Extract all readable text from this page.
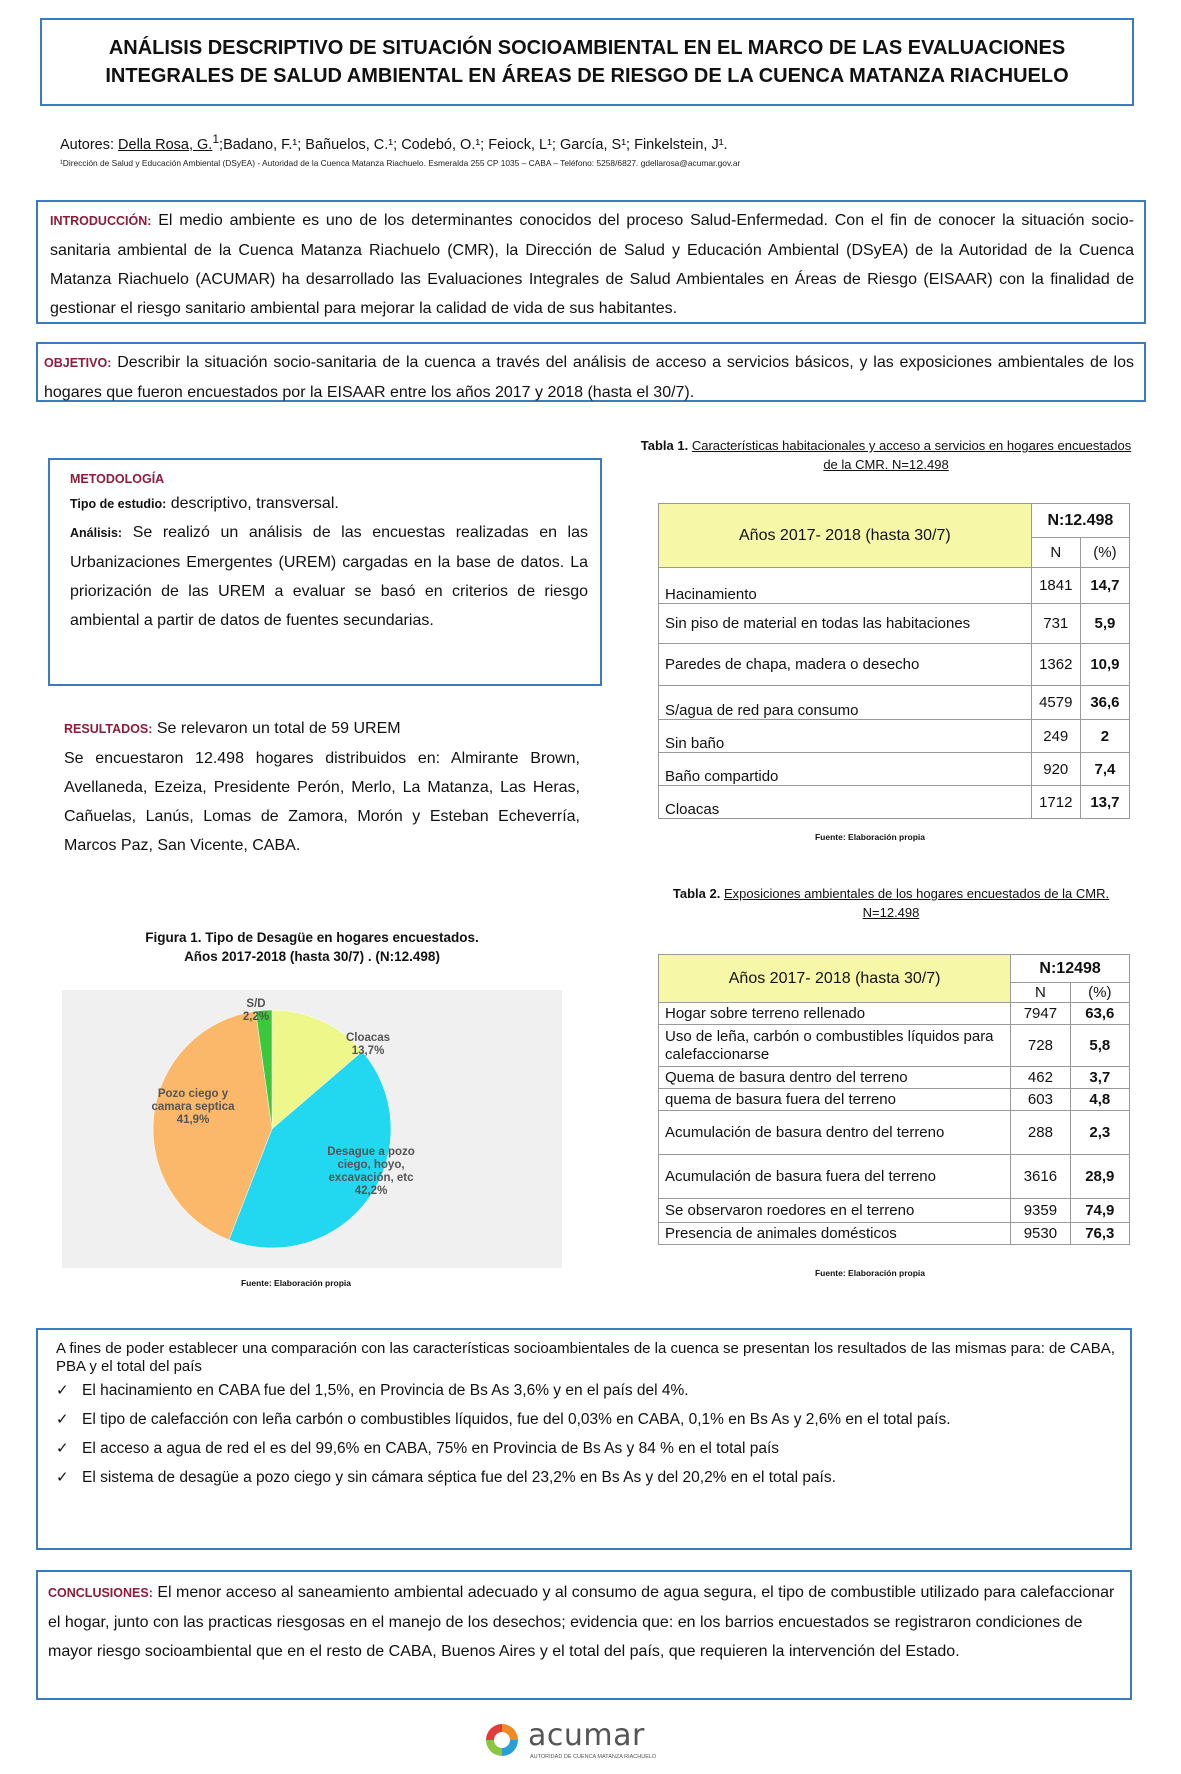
ANÁLISIS DESCRIPTIVO DE SITUACIÓN SOCIOAMBIENTAL EN EL MARCO DE LAS EVALUACIONES
INTEGRALES DE SALUD AMBIENTAL EN ÁREAS DE RIESGO DE LA CUENCA MATANZA RIACHUELO
Autores: Della Rosa, G.$^1$;Badano, F.¹; Bañuelos, C.¹; Codebó, O.¹; Feiock, L¹; García, S¹; Finkelstein, J¹.
¹Dirección de Salud y Educación Ambiental (DSyEA) - Autoridad de la Cuenca Matanza Riachuelo. Esmeralda 255 CP 1035 – CABA – Teléfono: 5258/6827. gdellarosa@acumar.gov.ar

INTRODUCCIÓN: El medio ambiente es uno de los determinantes conocidos del proceso Salud-Enfermedad. Con el fin de conocer la situación socio-sanitaria ambiental de la Cuenca Matanza Riachuelo (CMR), la Dirección de Salud y Educación Ambiental (DSyEA) de la Autoridad de la Cuenca Matanza Riachuelo (ACUMAR) ha desarrollado las Evaluaciones Integrales de Salud Ambientales en Áreas de Riesgo (EISAAR) con la finalidad de gestionar el riesgo sanitario ambiental para mejorar la calidad de vida de sus habitantes.

OBJETIVO: Describir la situación socio-sanitaria de la cuenca a través del análisis de acceso a servicios básicos, y las exposiciones ambientales de los hogares que fueron encuestados por la EISAAR entre los años 2017 y 2018 (hasta el 30/7).

METODOLOGÍA
Tipo de estudio: descriptivo, transversal.

Análisis: Se realizó un análisis de las encuestas realizadas en las Urbanizaciones Emergentes (UREM) cargadas en la base de datos. La priorización de las UREM a evaluar se basó en criterios de riesgo ambiental a partir de datos de fuentes secundarias.

RESULTADOS: Se relevaron un total de 59 UREM

Se encuestaron 12.498 hogares distribuidos en: Almirante Brown, Avellaneda, Ezeiza, Presidente Perón, Merlo, La Matanza, Las Heras, Cañuelas, Lanús, Lomas de Zamora, Morón y Esteban Echeverría, Marcos Paz, San Vicente, CABA.

Tabla 1. Características habitacionales y acceso a servicios en hogares encuestados de la CMR. N=12.498
Años 2017- 2018 (hasta 30/7)	N:12.498	
	N	(%)
Hacinamiento	1841	14,7
Sin piso de material en todas las habitaciones	731	5,9
Paredes de chapa, madera o desecho	1362	10,9
S/agua de red para consumo	4579	36,6
Sin baño	249	2
Baño compartido	920	7,4
Cloacas	1712	13,7
Fuente: Elaboración propia
Tabla 2. Exposiciones ambientales de los hogares encuestados de la CMR. N=12.498
Años 2017- 2018 (hasta 30/7)	N:12498	
	N	(%)
Hogar sobre terreno rellenado	7947	63,6
Uso de leña, carbón o combustibles líquidos para calefaccionarse	728	5,8
Quema de basura dentro del terreno	462	3,7
quema de basura fuera del terreno	603	4,8
Acumulación de basura dentro del terreno	288	2,3
Acumulación de basura fuera del terreno	3616	28,9
Se observaron roedores en el terreno	9359	74,9
Presencia de animales domésticos	9530	76,3
Fuente: Elaboración propia
Figura 1. Tipo de Desagüe en hogares encuestados.
Años 2017-2018 (hasta 30/7) . (N:12.498)
Cloacas
13,7%
Desague a pozo ciego, hoyo, excavación, etc
42,2%
Pozo ciego y camara septica
41,9%
S/D
2,2%
Fuente: Elaboración propia

A fines de poder establecer una comparación con las características socioambientales de la cuenca se presentan los resultados de las mismas para: de CABA, PBA y el total del país

✓ El hacinamiento en CABA fue del 1,5%, en Provincia de Bs As 3,6% y en el país del 4%.
✓ El tipo de calefacción con leña carbón o combustibles líquidos, fue del 0,03% en CABA, 0,1% en Bs As y 2,6% en el total país.
✓ El acceso a agua de red el es del 99,6% en CABA, 75% en Provincia de Bs As y 84 % en el total país
✓ El sistema de desagüe a pozo ciego y sin cámara séptica fue del 23,2% en Bs As y del 20,2% en el total país.

CONCLUSIONES: El menor acceso al saneamiento ambiental adecuado y al consumo de agua segura, el tipo de combustible utilizado para calefaccionar el hogar, junto con las practicas riesgosas en el manejo de los desechos; evidencia que: en los barrios encuestados se registraron condiciones de mayor riesgo socioambiental que en el resto de CABA, Buenos Aires y el total del país, que requieren la intervención del Estado.

acumar
AUTORIDAD DE CUENCA MATANZA RIACHUELO
